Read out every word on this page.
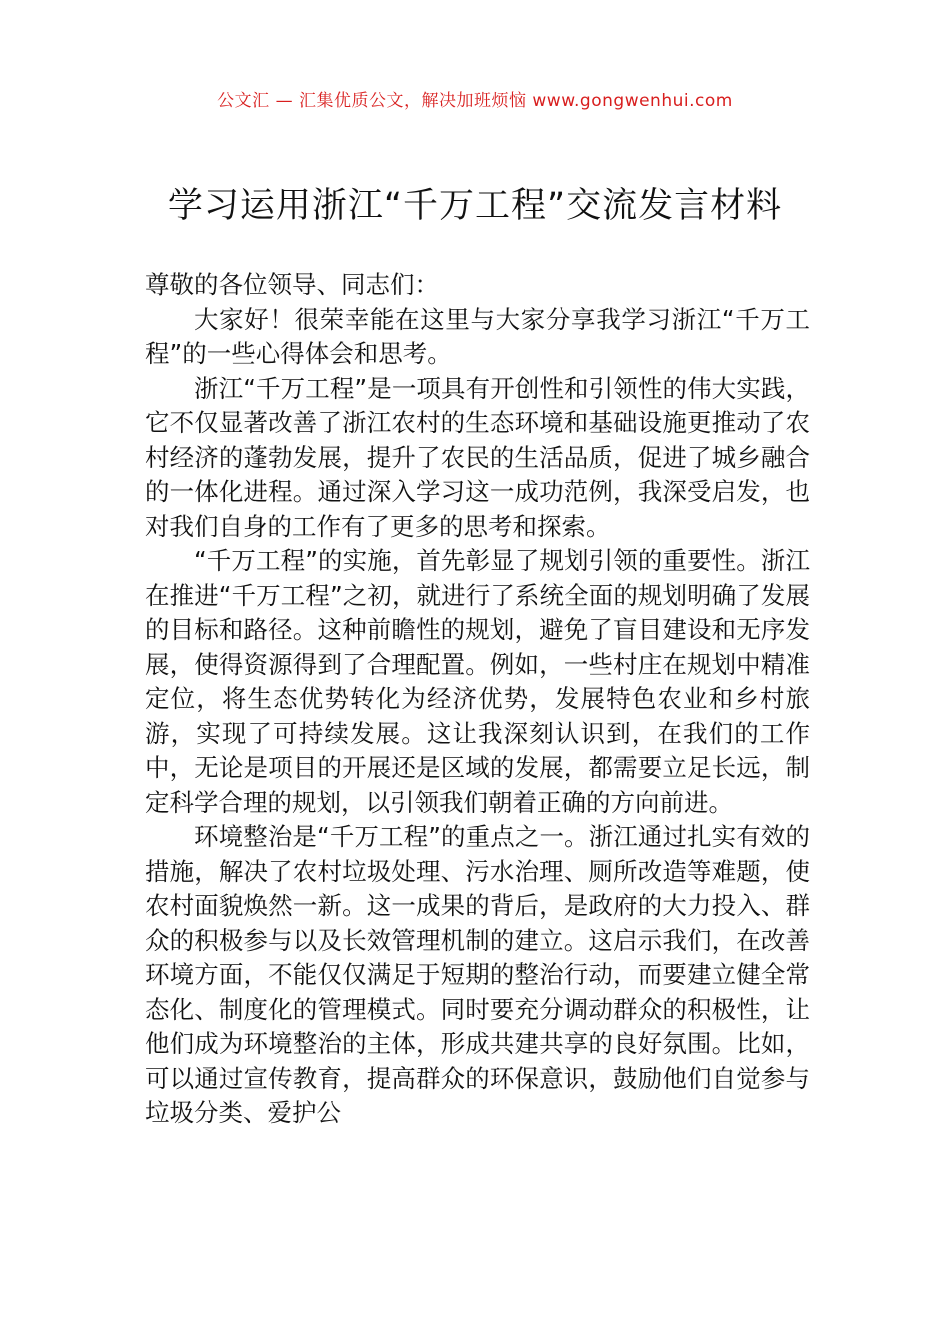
公文汇 — 汇集优质公文，解决加班烦恼 www.gongwenhui.com
学习运用浙江“千万工程”交流发言材料

尊敬的各位领导、同志们：

大家好！很荣幸能在这里与大家分享我学习浙江“千万工程”的一些心得体会和思考。

浙江“千万工程”是一项具有开创性和引领性的伟大实践，它不仅显著改善了浙江农村的生态环境和基础设施更推动了农村经济的蓬勃发展，提升了农民的生活品质，促进了城乡融合的一体化进程。通过深入学习这一成功范例，我深受启发，也对我们自身的工作有了更多的思考和探索。

“千万工程”的实施，首先彰显了规划引领的重要性。浙江在推进“千万工程”之初，就进行了系统全面的规划明确了发展的目标和路径。这种前瞻性的规划，避免了盲目建设和无序发展，使得资源得到了合理配置。例如，一些村庄在规划中精准定位，将生态优势转化为经济优势，发展特色农业和乡村旅游，实现了可持续发展。这让我深刻认识到，在我们的工作中，无论是项目的开展还是区域的发展，都需要立足长远，制定科学合理的规划，以引领我们朝着正确的方向前进。

环境整治是“千万工程”的重点之一。浙江通过扎实有效的措施，解决了农村垃圾处理、污水治理、厕所改造等难题，使农村面貌焕然一新。这一成果的背后，是政府的大力投入、群众的积极参与以及长效管理机制的建立。这启示我们，在改善环境方面，不能仅仅满足于短期的整治行动，而要建立健全常态化、制度化的管理模式。同时要充分调动群众的积极性，让他们成为环境整治的主体，形成共建共享的良好氛围。比如，可以通过宣传教育，提高群众的环保意识，鼓励他们自觉参与垃圾分类、爱护公
